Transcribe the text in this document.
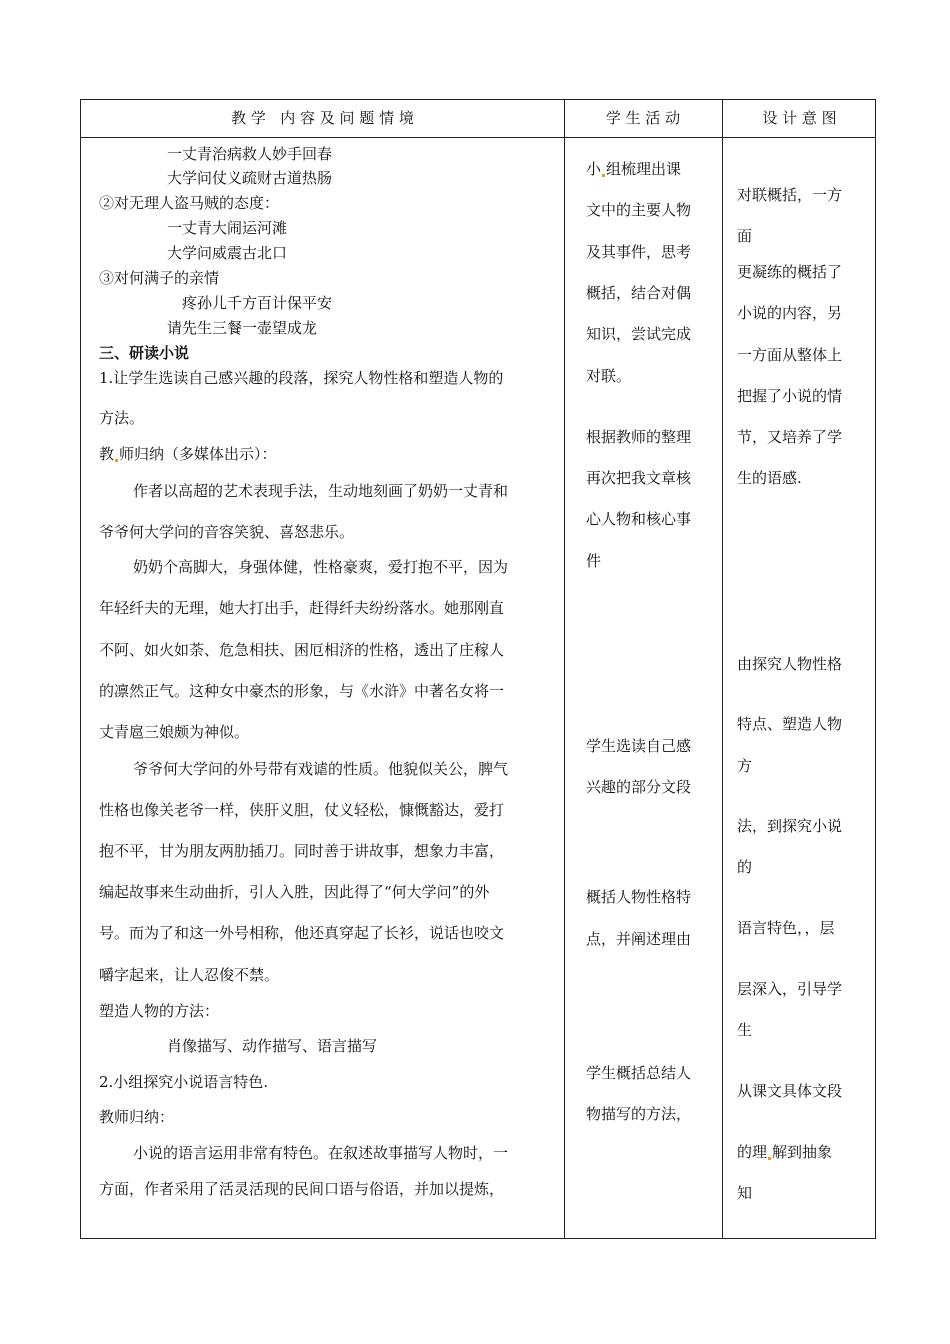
教 学   内 容 及 问 题 情 境	学 生 活 动	设 计 意 图
一丈青治病救人妙手回春
大学问仗义疏财古道热肠
②对无理人盗马贼的态度：
一丈青大闹运河滩
大学问威震古北口
③对何满子的亲情
疼孙儿千方百计保平安
请先生三餐一壶望成龙
三、研读小说
1.让学生选读自己感兴趣的段落，探究人物性格和塑造人物的
方法。
教 师归纳（多媒体出示）：
作者以高超的艺术表现手法，生动地刻画了奶奶一丈青和
爷爷何大学问的音容笑貌、喜怒悲乐。
奶奶个高脚大，身强体健，性格豪爽，爱打抱不平，因为
年轻纤夫的无理，她大打出手，赶得纤夫纷纷落水。她那刚直
不阿、如火如荼、危急相扶、困厄相济的性格，透出了庄稼人
的凛然正气。这种女中豪杰的形象，与《水浒》中著名女将一
丈青扈三娘颇为神似。
爷爷何大学问的外号带有戏谑的性质。他貌似关公，脾气
性格也像关老爷一样，侠肝义胆，仗义轻松，慷慨豁达，爱打
抱不平，甘为朋友两肋插刀。同时善于讲故事，想象力丰富，
编起故事来生动曲折，引人入胜，因此得了“何大学问”的外
号。而为了和这一外号相称，他还真穿起了长衫，说话也咬文
嚼字起来，让人忍俊不禁。
塑造人物的方法：
肖像描写、动作描写、语言描写
2.小组探究小说语言特色.
教师归纳：
小说的语言运用非常有特色。在叙述故事描写人物时，一
方面，作者采用了活灵活现的民间口语与俗语，并加以提炼，
小 组梳理出课
文中的主要人物
及其事件，思考
概括，结合对偶
知识，尝试完成
对联。
根据教师的整理
再次把我文章核
心人物和核心事
件
学生选读自己感
兴趣的部分文段
概括人物性格特
点，并阐述理由
学生概括总结人
物描写的方法，
对联概括，一方
面
更凝练的概括了
小说的内容，另
一方面从整体上
把握了小说的情
节，又培养了学
生的语感.
由探究人物性格
特点、塑造人物
方
法，到探究小说
的
语言特色，，层
层深入，引导学
生
从课文具体文段
的理 解到抽象
知
